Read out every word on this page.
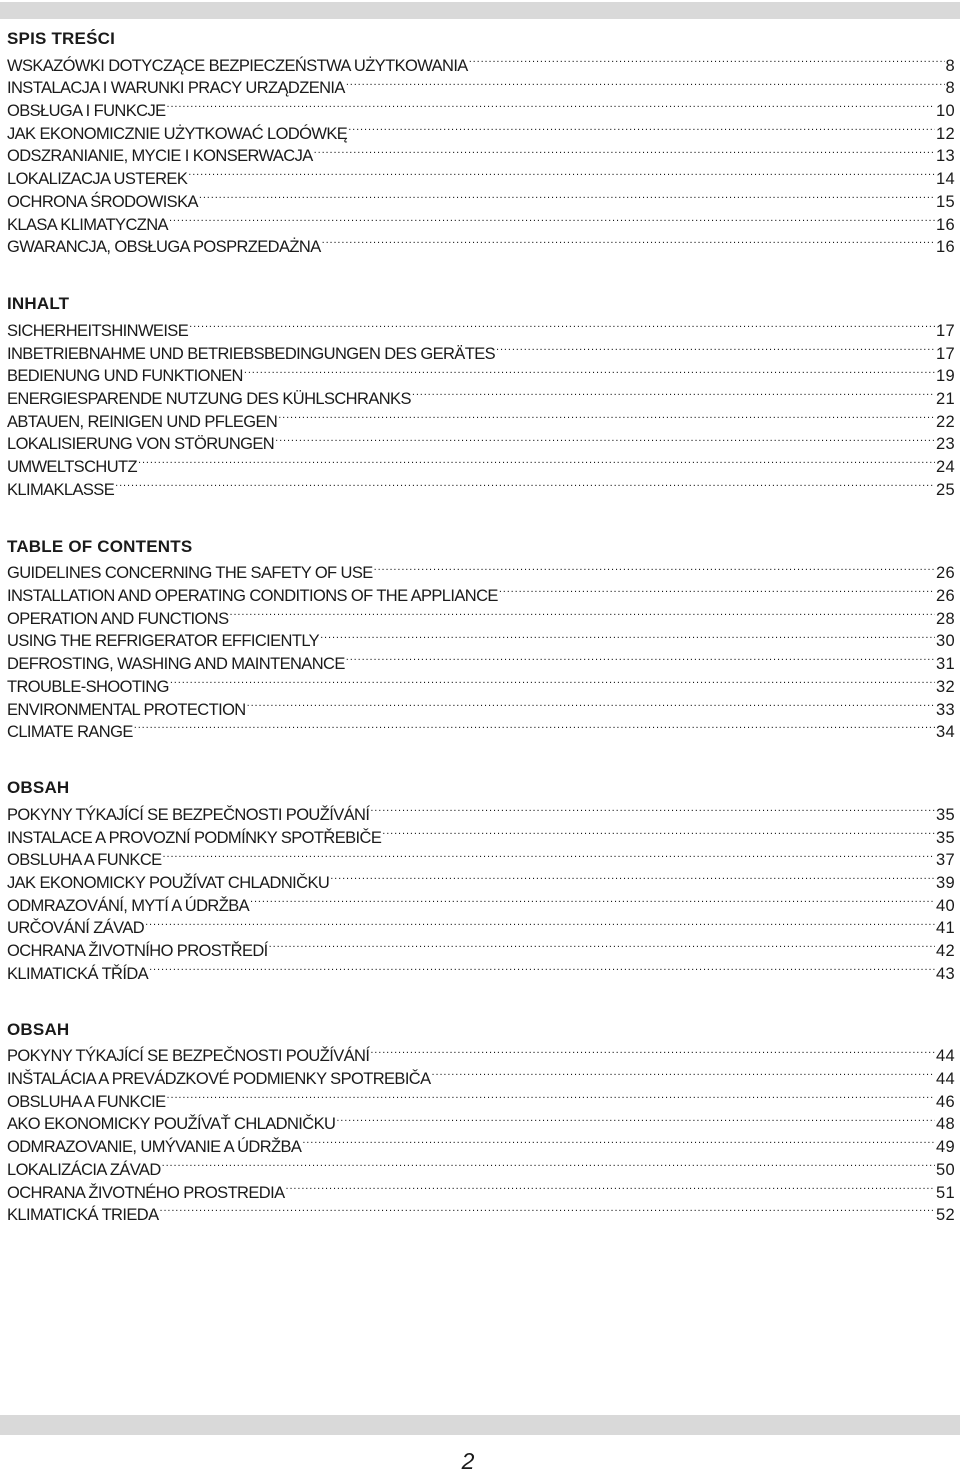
SPIS TREŚCI
WSKAZÓWKI DOTYCZĄCE BEZPIECZEŃSTWA UŻYTKOWANIA .....	8
INSTALACJA I WARUNKI PRACY URZĄDZENIA .....	8
OBSŁUGA I FUNKCJE .....	10
JAK EKONOMICZNIE UŻYTKOWAĆ LODÓWKĘ .....	12
ODSZRANIANIE, MYCIE I KONSERWACJA .....	13
LOKALIZACJA USTEREK .....	14
OCHRONA ŚRODOWISKA .....	15
KLASA KLIMATYCZNA .....	16
GWARANCJA, OBSŁUGA POSPRZEDAŻNA .....	16
INHALT
SICHERHEITSHINWEISE .....	17
INBETRIEBNAHME UND BETRIEBSBEDINGUNGEN DES GERÄTES .....	17
BEDIENUNG UND FUNKTIONEN .....	19
ENERGIESPARENDE NUTZUNG DES KÜHLSCHRANKS .....	21
ABTAUEN, REINIGEN UND PFLEGEN .....	22
LOKALISIERUNG VON STÖRUNGEN .....	23
UMWELTSCHUTZ .....	24
KLIMAKLASSE .....	25
TABLE OF CONTENTS
GUIDELINES CONCERNING THE SAFETY OF USE .....	26
INSTALLATION AND OPERATING CONDITIONS OF THE APPLIANCE .....	26
OPERATION AND FUNCTIONS .....	28
USING THE REFRIGERATOR EFFICIENTLY .....	30
DEFROSTING, WASHING AND MAINTENANCE .....	31
TROUBLE-SHOOTING .....	32
ENVIRONMENTAL PROTECTION .....	33
CLIMATE RANGE .....	34
OBSAH
POKYNY TÝKAJÍCÍ SE BEZPEČNOSTI POUŽÍVÁNÍ .....	35
INSTALACE A PROVOZNÍ PODMÍNKY SPOTŘEBIČE .....	35
OBSLUHA A FUNKCE .....	37
JAK EKONOMICKY POUŽÍVAT CHLADNIČKU .....	39
ODMRAZOVÁNÍ, MYTÍ A ÚDRŽBA .....	40
URČOVÁNÍ ZÁVAD .....	41
OCHRANA ŽIVOTNÍHO PROSTŘEDÍ .....	42
KLIMATICKÁ TŘÍDA .....	43
OBSAH
POKYNY TÝKAJÍCÍ SE BEZPEČNOSTI POUŽÍVÁNÍ .....	44
INŠTALÁCIA A PREVÁDZKOVÉ PODMIENKY SPOTREBIČA .....	44
OBSLUHA A FUNKCIE .....	46
AKO EKONOMICKY POUŽÍVAŤ CHLADNIČKU .....	48
ODMRAZOVANIE, UMÝVANIE A ÚDRŽBA .....	49
LOKALIZÁCIA ZÁVAD .....	50
OCHRANA ŽIVOTNÉHO PROSTREDIA .....	51
KLIMATICKÁ TRIEDA .....	52
2
